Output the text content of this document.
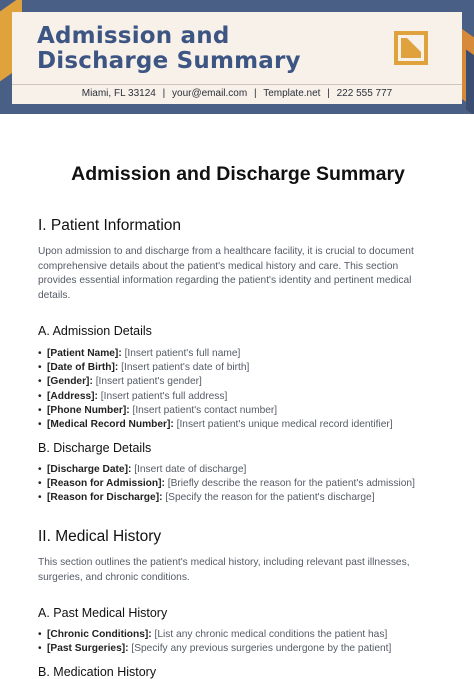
Admission and
Discharge Summary
Miami, FL 33124 | your@email.com | Template.net | 222 555 777
Admission and Discharge Summary
I. Patient Information

Upon admission to and discharge from a healthcare facility, it is crucial to document comprehensive details about the patient's medical history and care. This section provides essential information regarding the patient's identity and pertinent medical details.

A. Admission Details
• [Patient Name]: [Insert patient's full name]
• [Date of Birth]: [Insert patient's date of birth]
• [Gender]: [Insert patient's gender]
• [Address]: [Insert patient's full address]
• [Phone Number]: [Insert patient's contact number]
• [Medical Record Number]: [Insert patient's unique medical record identifier]
B. Discharge Details
• [Discharge Date]: [Insert date of discharge]
• [Reason for Admission]: [Briefly describe the reason for the patient's admission]
• [Reason for Discharge]: [Specify the reason for the patient's discharge]
II. Medical History

This section outlines the patient's medical history, including relevant past illnesses, surgeries, and chronic conditions.

A. Past Medical History
• [Chronic Conditions]: [List any chronic medical conditions the patient has]
• [Past Surgeries]: [Specify any previous surgeries undergone by the patient]
B. Medication History
